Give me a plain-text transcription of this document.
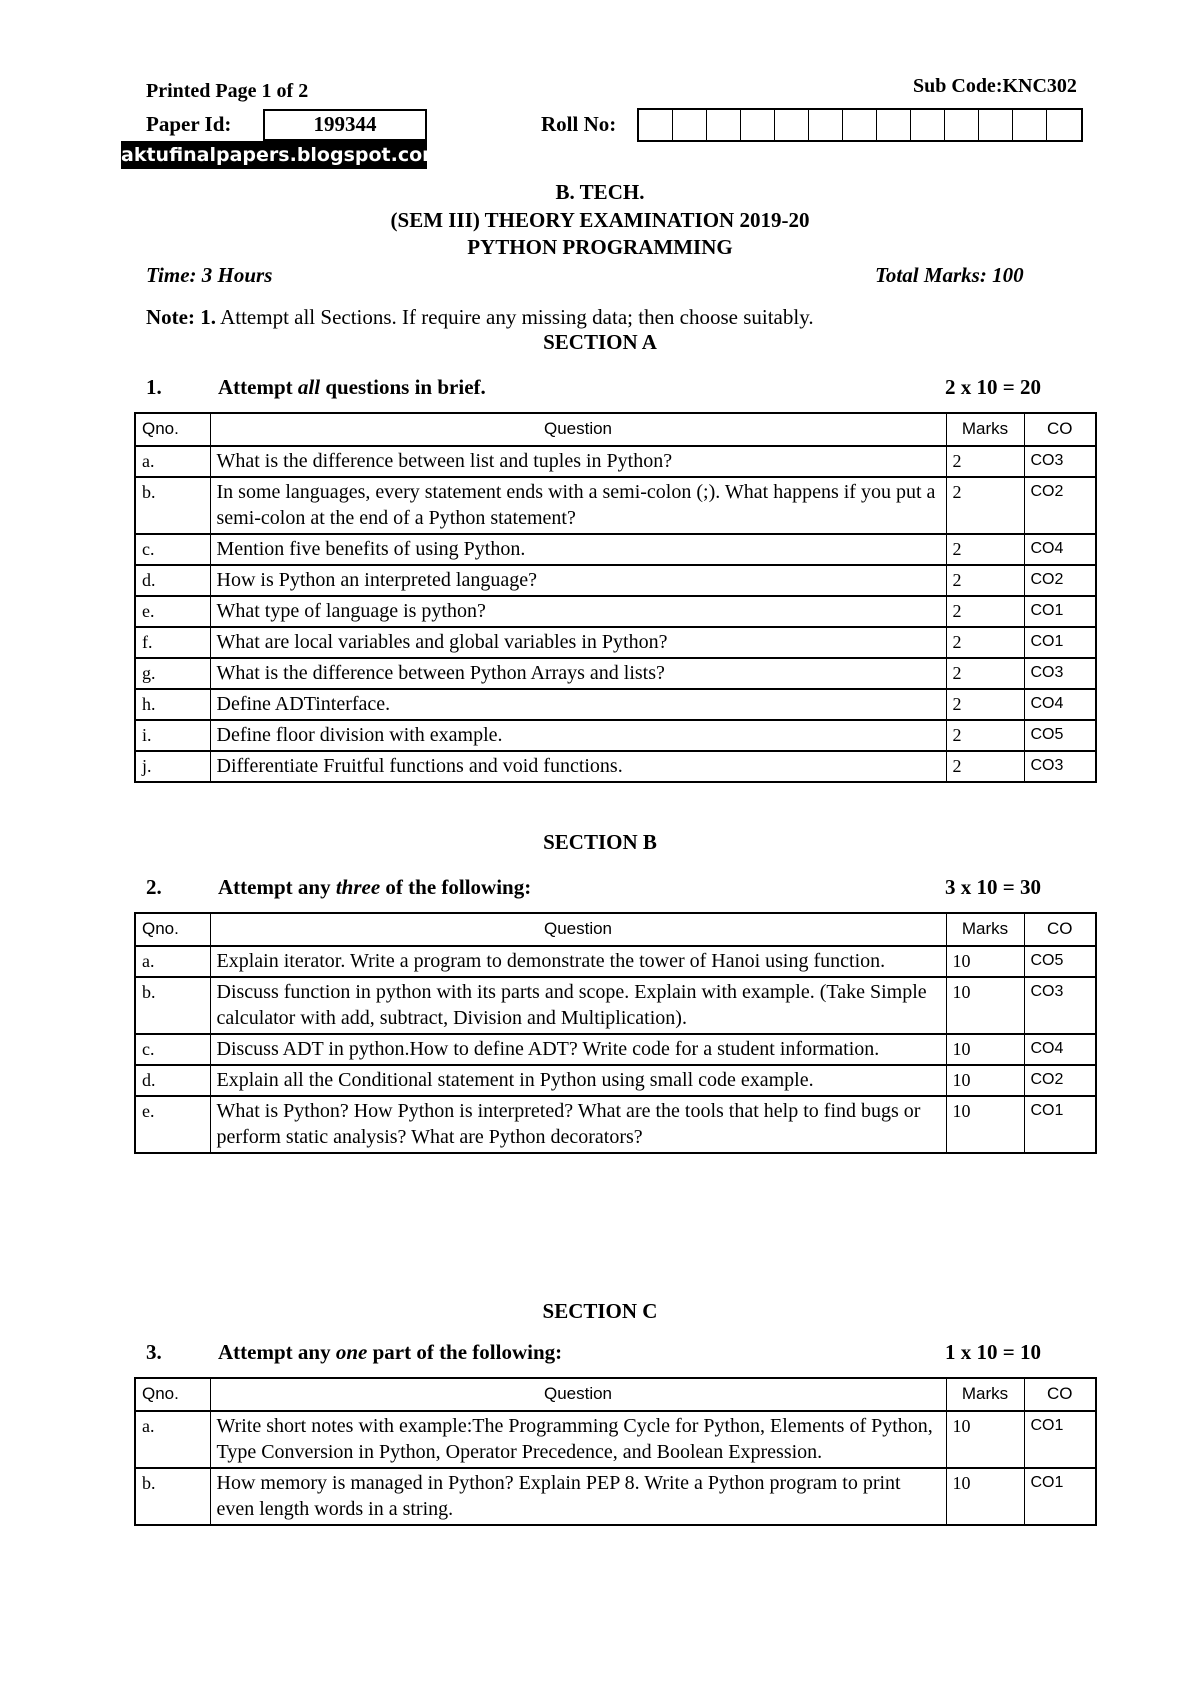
Printed Page 1 of 2	Sub Code:KNC302
Paper Id:	199344	Roll No:
aktufinalpapers.blogspot.com
B. TECH.
(SEM III) THEORY EXAMINATION 2019-20
PYTHON PROGRAMMING
Time: 3 Hours	Total Marks: 100
Note: 1. Attempt all Sections. If require any missing data; then choose suitably.
SECTION A
1.	Attempt all questions in brief.	2 x 10 = 20
Qno.	Question	Marks	CO
a.	What is the difference between list and tuples in Python?	2	CO3
b.	In some languages, every statement ends with a semi-colon (;). What happens if you put a semi-colon at the end of a Python statement?	2	CO2
c.	Mention five benefits of using Python.	2	CO4
d.	How is Python an interpreted language?	2	CO2
e.	What type of language is python?	2	CO1
f.	What are local variables and global variables in Python?	2	CO1
g.	What is the difference between Python Arrays and lists?	2	CO3
h.	Define ADTinterface.	2	CO4
i.	Define floor division with example.	2	CO5
j.	Differentiate Fruitful functions and void functions.	2	CO3
SECTION B
2.	Attempt any three of the following:	3 x 10 = 30
Qno.	Question	Marks	CO
a.	Explain iterator. Write a program to demonstrate the tower of Hanoi using function.	10	CO5
b.	Discuss function in python with its parts and scope. Explain with example. (Take Simple calculator with add, subtract, Division and Multiplication).	10	CO3
c.	Discuss ADT in python.How to define ADT? Write code for a student information.	10	CO4
d.	Explain all the Conditional statement in Python using small code example.	10	CO2
e.	What is Python? How Python is interpreted? What are the tools that help to find bugs or perform static analysis? What are Python decorators?	10	CO1
SECTION C
3.	Attempt any one part of the following:	1 x 10 = 10
Qno.	Question	Marks	CO
a.	Write short notes with example:The Programming Cycle for Python, Elements of Python, Type Conversion in Python, Operator Precedence, and Boolean Expression.	10	CO1
b.	How memory is managed in Python? Explain PEP 8. Write a Python program to print even length words in a string.	10	CO1
